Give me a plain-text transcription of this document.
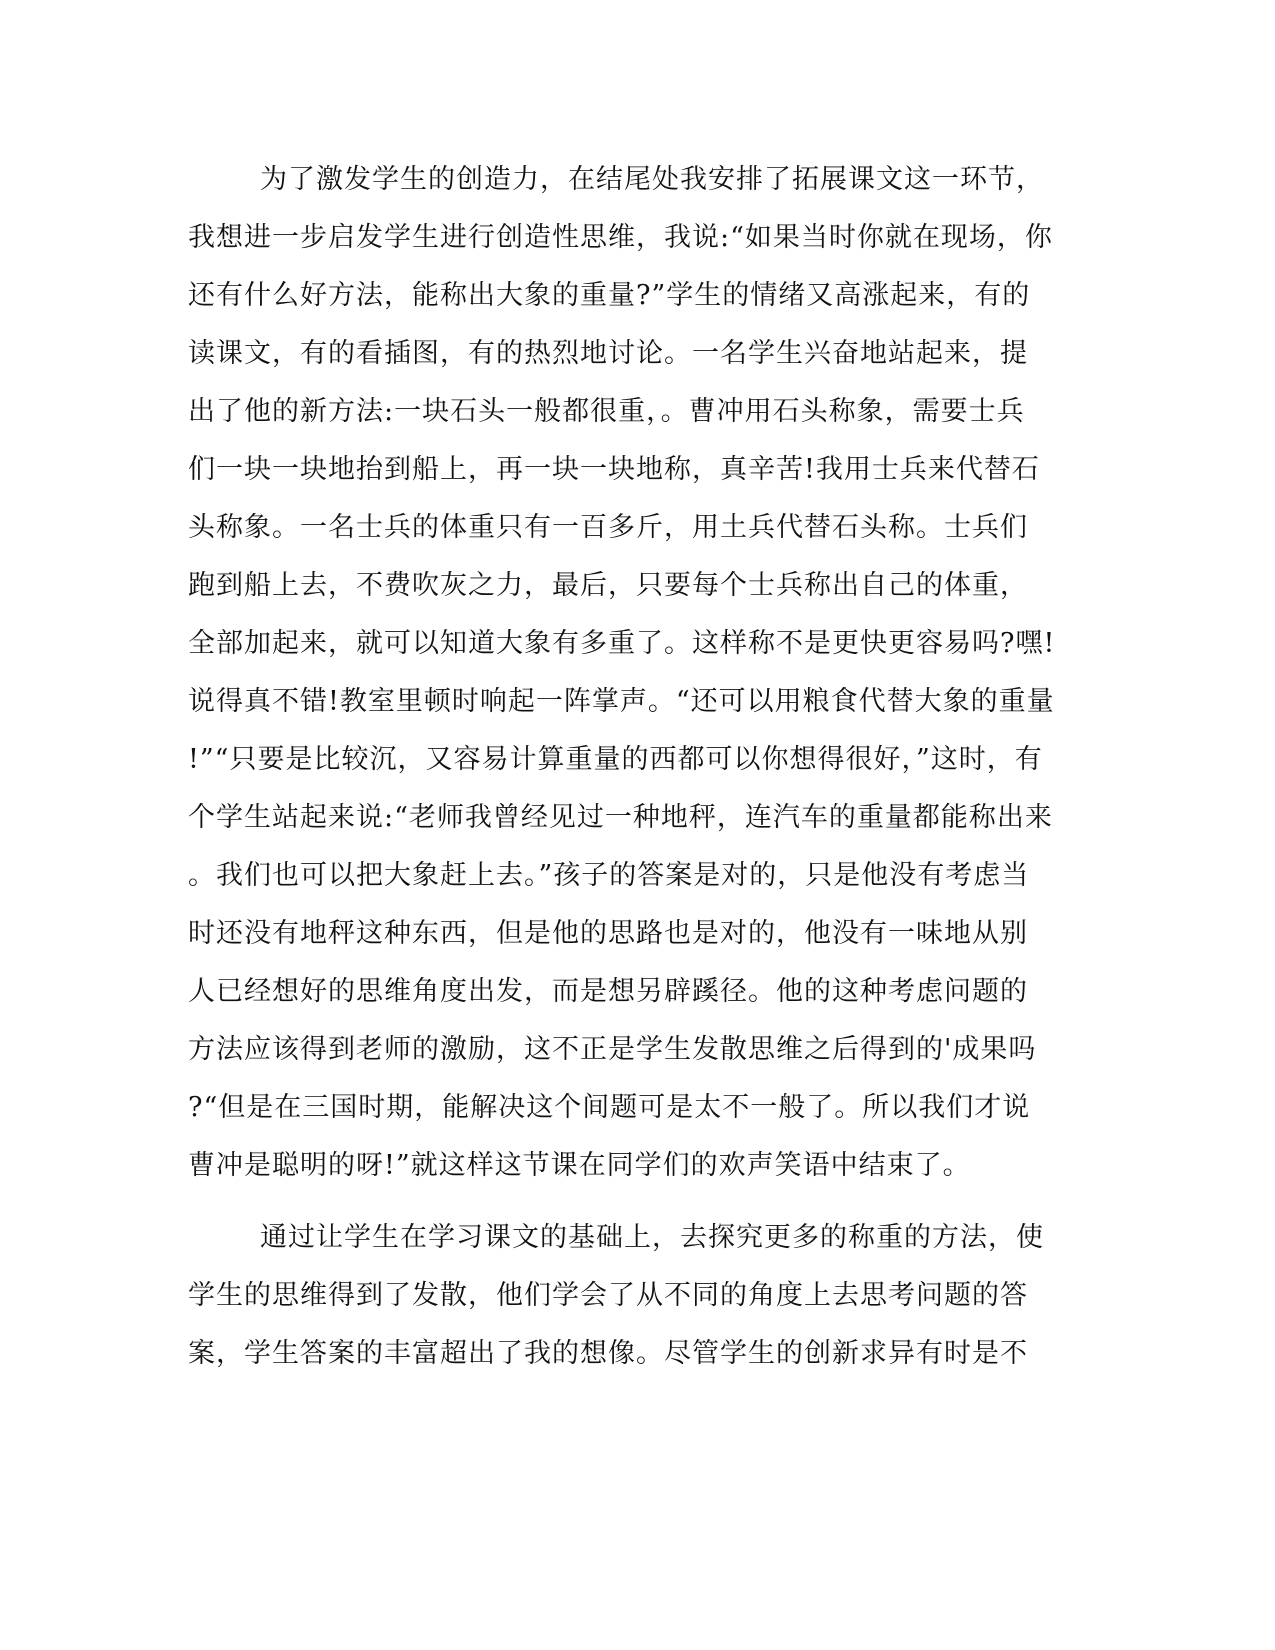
为了激发学生的创造力，在结尾处我安排了拓展课文这一环节，
我想进一步启发学生进行创造性思维，我说:“如果当时你就在现场，你
还有什么好方法，能称出大象的重量?”学生的情绪又高涨起来，有的
读课文，有的看插图，有的热烈地讨论。一名学生兴奋地站起来，提
出了他的新方法:一块石头一般都很重，。曹冲用石头称象，需要士兵
们一块一块地抬到船上，再一块一块地称，真辛苦!我用士兵来代替石
头称象。一名士兵的体重只有一百多斤，用土兵代替石头称。士兵们
跑到船上去，不费吹灰之力，最后，只要每个士兵称出自己的体重，
全部加起来，就可以知道大象有多重了。这样称不是更快更容易吗?嘿!
说得真不错!教室里顿时响起一阵掌声。“还可以用粮食代替大象的重量
!”“只要是比较沉，又容易计算重量的西都可以你想得很好，”这时，有
个学生站起来说:“老师我曾经见过一种地秤，连汽车的重量都能称出来
。我们也可以把大象赶上去。”孩子的答案是对的，只是他没有考虑当
时还没有地秤这种东西，但是他的思路也是对的，他没有一味地从别
人已经想好的思维角度出发，而是想另辟蹊径。他的这种考虑问题的
方法应该得到老师的激励，这不正是学生发散思维之后得到的'成果吗
?“但是在三国时期，能解决这个间题可是太不一般了。所以我们才说
曹冲是聪明的呀!”就这样这节课在同学们的欢声笑语中结束了。
通过让学生在学习课文的基础上，去探究更多的称重的方法，使
学生的思维得到了发散，他们学会了从不同的角度上去思考问题的答
案，学生答案的丰富超出了我的想像。尽管学生的创新求异有时是不
